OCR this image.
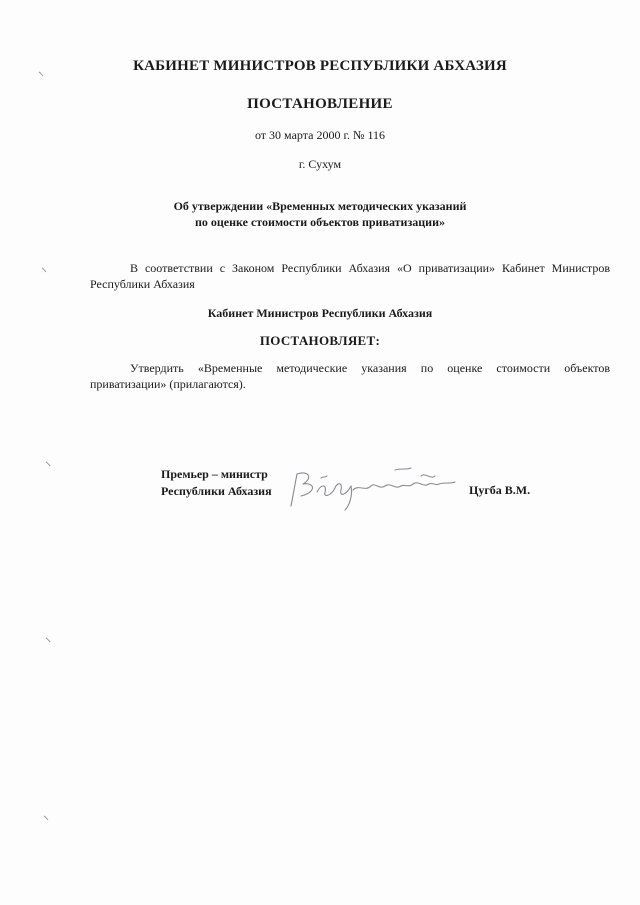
КАБИНЕТ МИНИСТРОВ РЕСПУБЛИКИ АБХАЗИЯ
ПОСТАНОВЛЕНИЕ
от 30 марта 2000 г. № 116
г. Сухум
Об утверждении «Временных методических указаний
по оценке стоимости объектов приватизации»
В соответствии с Законом Республики Абхазия «О приватизации» Кабинет Министров Республики Абхазия
Кабинет Министров Республики Абхазия
ПОСТАНОВЛЯЕТ:
Утвердить «Временные методические указания по оценке стоимости объектов приватизации» (прилагаются).
Премьер – министр
Республики Абхазия	Цугба В.М.
